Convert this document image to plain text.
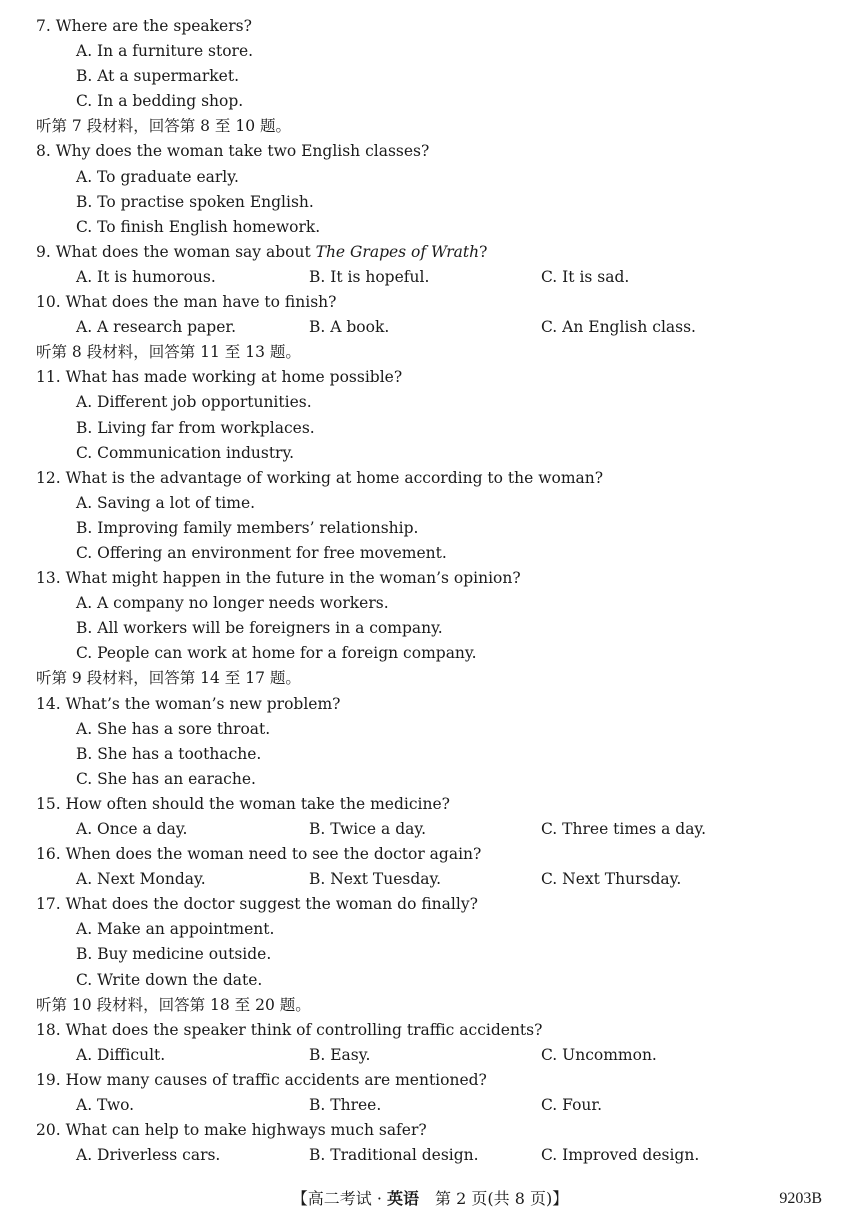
7. Where are the speakers?
A. In a furniture store.
B. At a supermarket.
C. In a bedding shop.
听第 7 段材料，回答第 8 至 10 题。
8. Why does the woman take two English classes?
A. To graduate early.
B. To practise spoken English.
C. To finish English homework.
9. What does the woman say about The Grapes of Wrath?
A. It is humorous.	B. It is hopeful.	C. It is sad.
10. What does the man have to finish?
A. A research paper.	B. A book.	C. An English class.
听第 8 段材料，回答第 11 至 13 题。
11. What has made working at home possible?
A. Different job opportunities.
B. Living far from workplaces.
C. Communication industry.
12. What is the advantage of working at home according to the woman?
A. Saving a lot of time.
B. Improving family members’ relationship.
C. Offering an environment for free movement.
13. What might happen in the future in the woman’s opinion?
A. A company no longer needs workers.
B. All workers will be foreigners in a company.
C. People can work at home for a foreign company.
听第 9 段材料，回答第 14 至 17 题。
14. What’s the woman’s new problem?
A. She has a sore throat.
B. She has a toothache.
C. She has an earache.
15. How often should the woman take the medicine?
A. Once a day.	B. Twice a day.	C. Three times a day.
16. When does the woman need to see the doctor again?
A. Next Monday.	B. Next Tuesday.	C. Next Thursday.
17. What does the doctor suggest the woman do finally?
A. Make an appointment.
B. Buy medicine outside.
C. Write down the date.
听第 10 段材料，回答第 18 至 20 题。
18. What does the speaker think of controlling traffic accidents?
A. Difficult.	B. Easy.	C. Uncommon.
19. How many causes of traffic accidents are mentioned?
A. Two.	B. Three.	C. Four.
20. What can help to make highways much safer?
A. Driverless cars.	B. Traditional design.	C. Improved design.
【高二考试 · 英语　第 2 页(共 8 页)】	9203B
